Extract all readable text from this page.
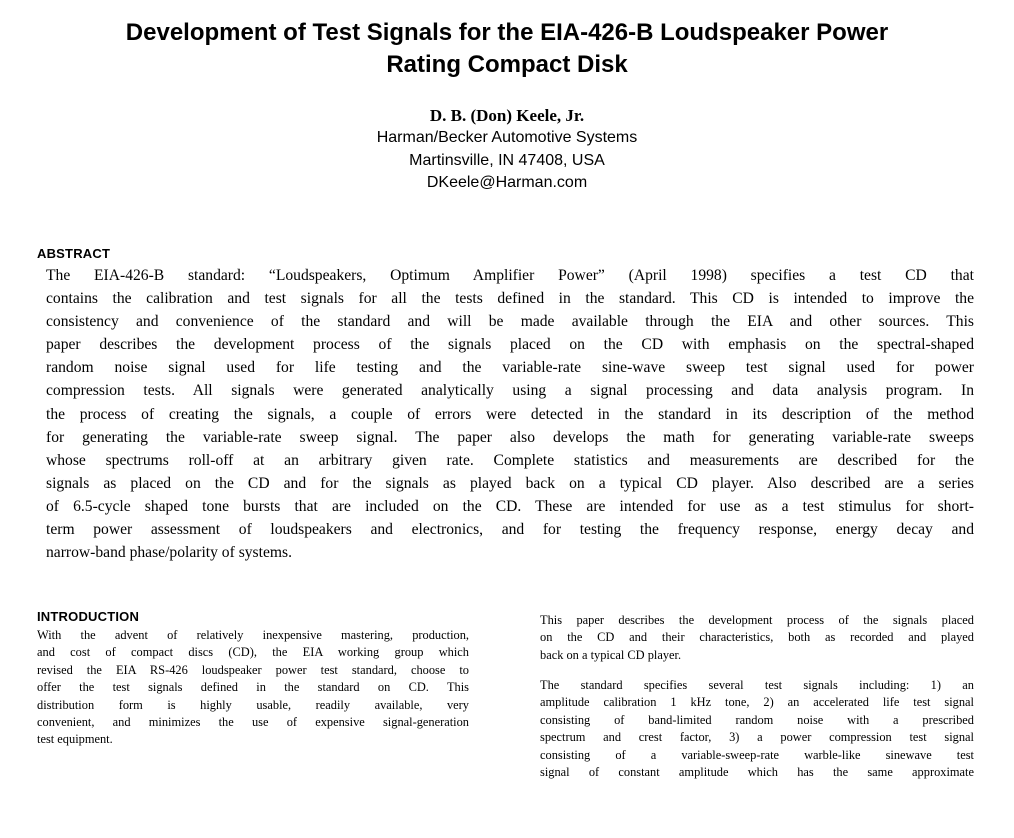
Development of Test Signals for the EIA-426-B Loudspeaker Power
Rating Compact Disk
D. B. (Don) Keele, Jr.
Harman/Becker Automotive Systems
Martinsville, IN 47408, USA
DKeele@Harman.com
ABSTRACT
The EIA-426-B standard: “Loudspeakers, Optimum Amplifier Power” (April 1998) specifies a test CD that
contains the calibration and test signals for all the tests defined in the standard. This CD is intended to improve the
consistency and convenience of the standard and will be made available through the EIA and other sources. This
paper describes the development process of the signals placed on the CD with emphasis on the spectral-shaped
random noise signal used for life testing and the variable-rate sine-wave sweep test signal used for power
compression tests. All signals were generated analytically using a signal processing and data analysis program. In
the process of creating the signals, a couple of errors were detected in the standard in its description of the method
for generating the variable-rate sweep signal. The paper also develops the math for generating variable-rate sweeps
whose spectrums roll-off at an arbitrary given rate. Complete statistics and measurements are described for the
signals as placed on the CD and for the signals as played back on a typical CD player. Also described are a series
of 6.5-cycle shaped tone bursts that are included on the CD. These are intended for use as a test stimulus for short-
term power assessment of loudspeakers and electronics, and for testing the frequency response, energy decay and
narrow-band phase/polarity of systems.
INTRODUCTION
With the advent of relatively inexpensive mastering, production,
and cost of compact discs (CD), the EIA working group which
revised the EIA RS-426 loudspeaker power test standard, choose to
offer the test signals defined in the standard on CD. This
distribution form is highly usable, readily available, very
convenient, and minimizes the use of expensive signal-generation
test equipment.
This paper describes the development process of the signals placed
on the CD and their characteristics, both as recorded and played
back on a typical CD player.
The standard specifies several test signals including: 1) an
amplitude calibration 1 kHz tone, 2) an accelerated life test signal
consisting of band-limited random noise with a prescribed
spectrum and crest factor, 3) a power compression test signal
consisting of a variable-sweep-rate warble-like sinewave test
signal of constant amplitude which has the same approximate
